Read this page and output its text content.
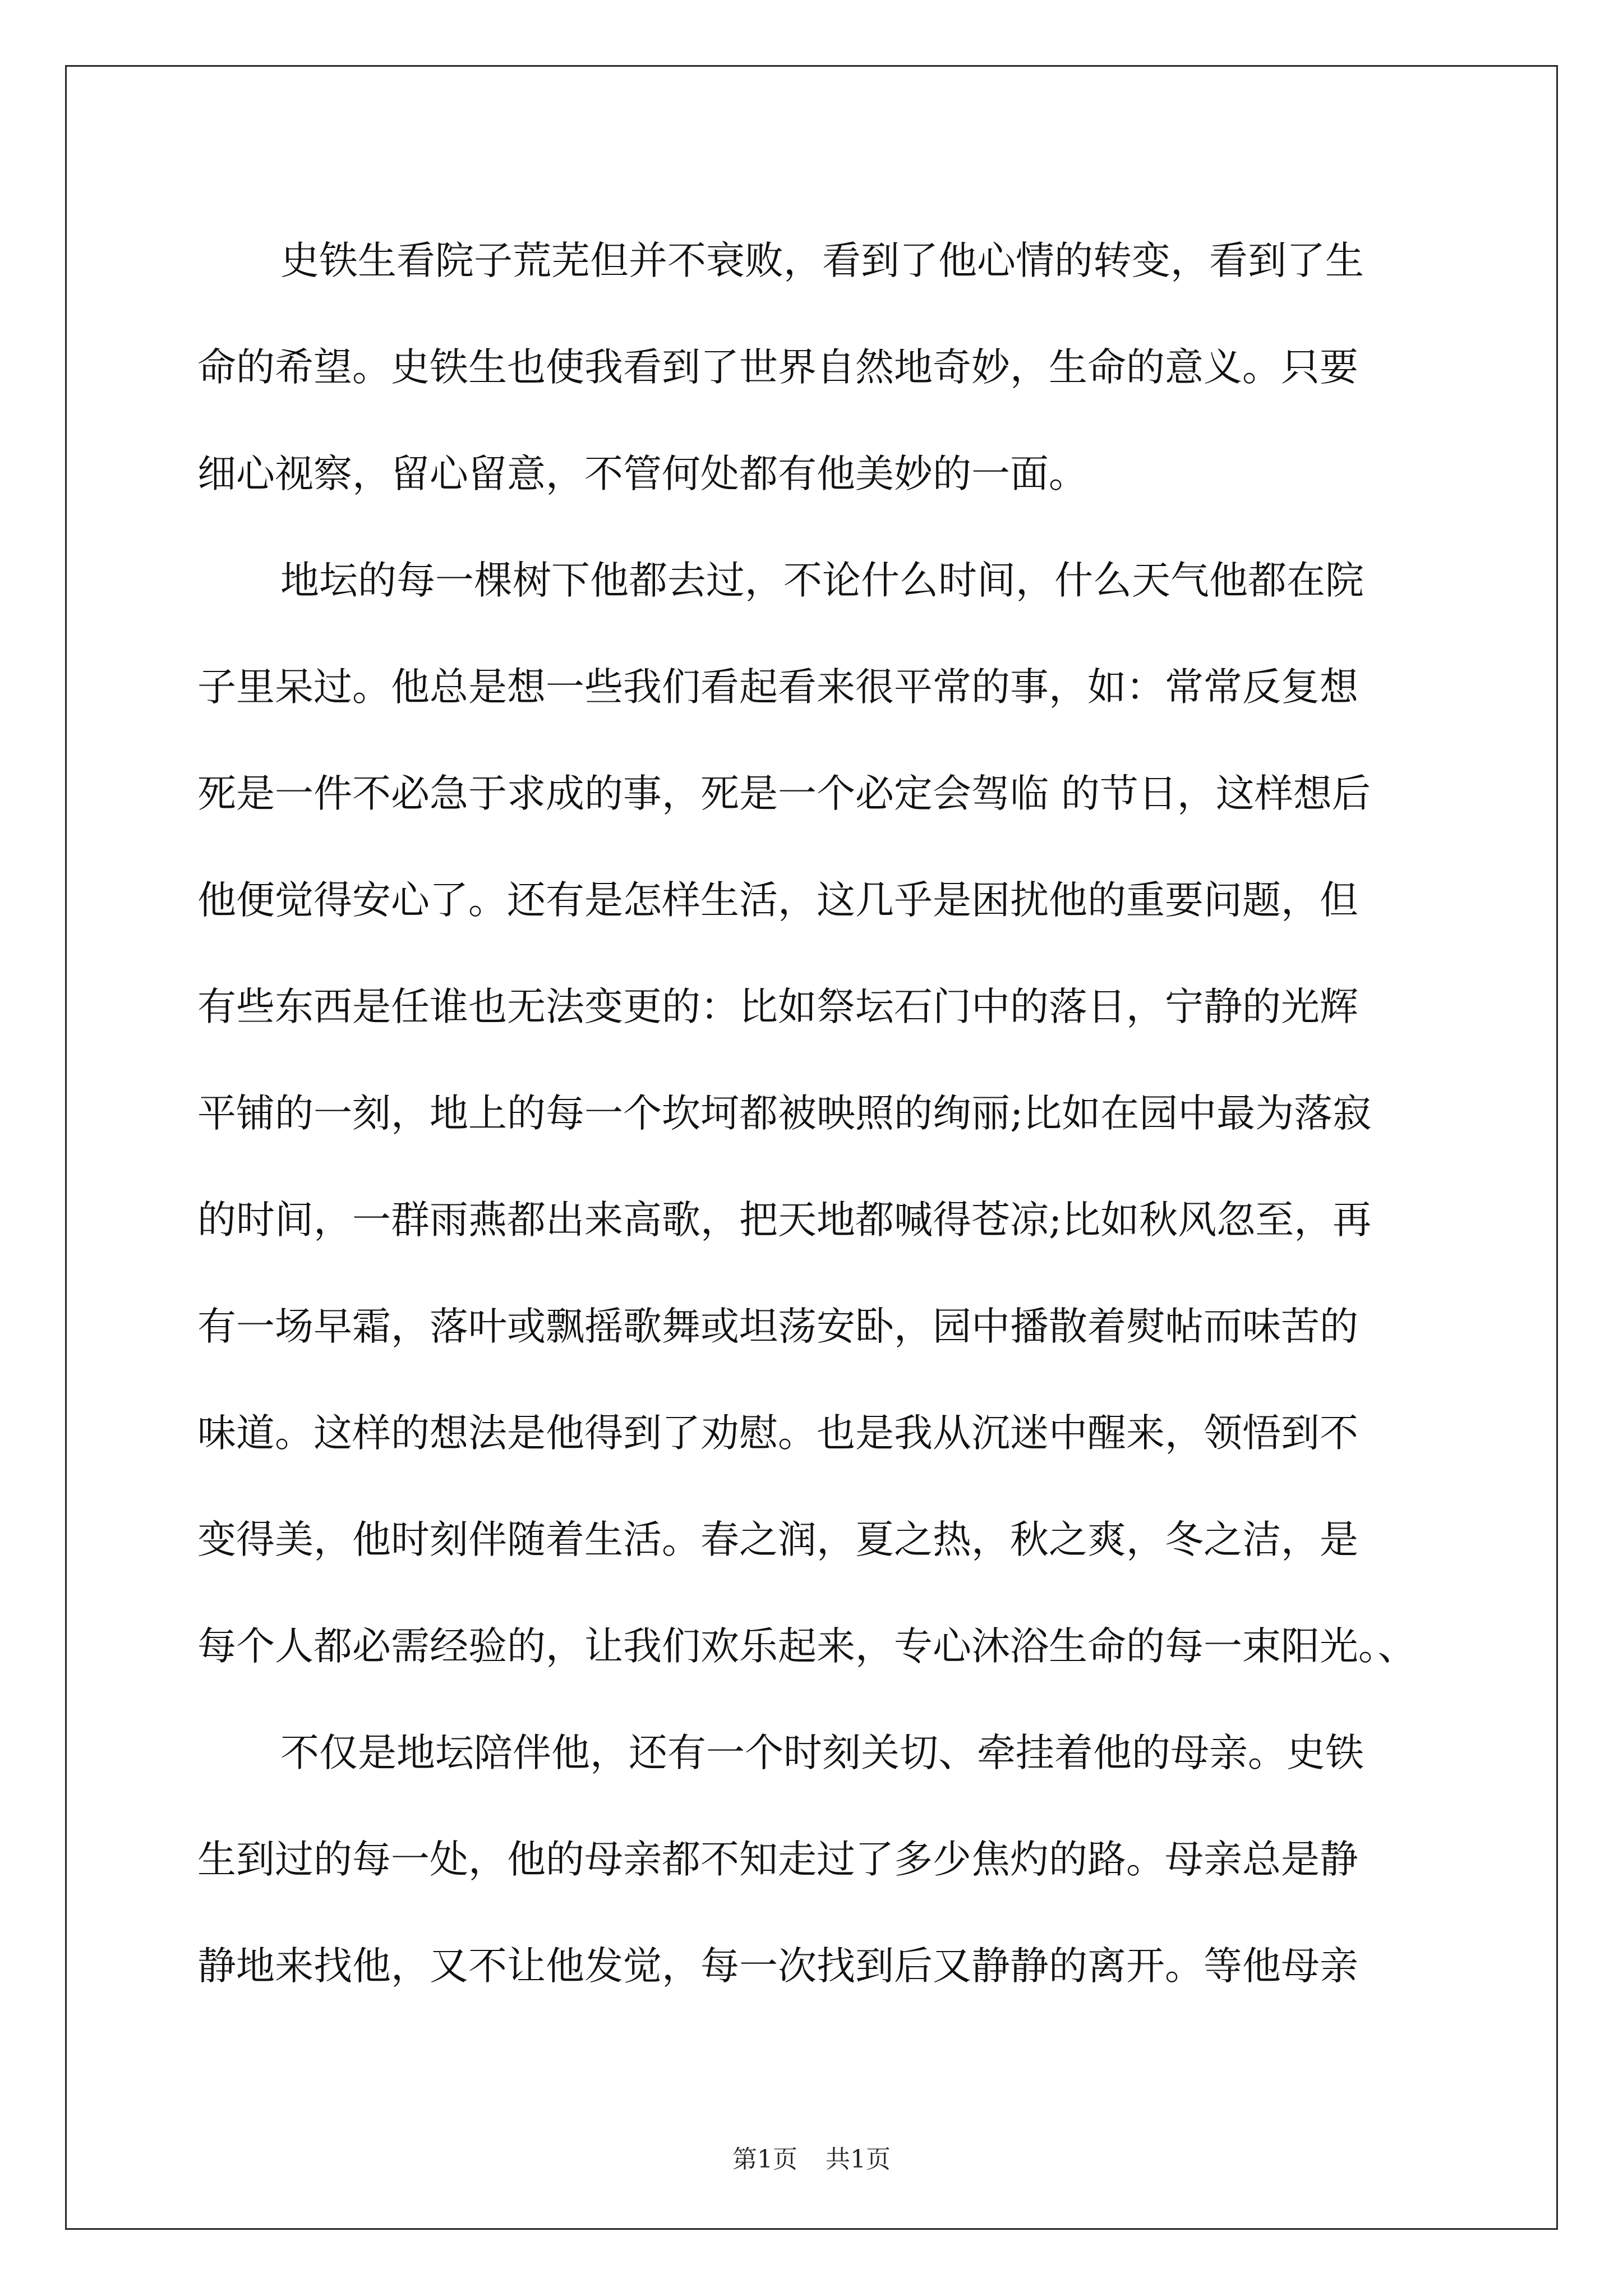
史铁生看院子荒芜但并不衰败，看到了他心情的转变，看到了生
命的希望。史铁生也使我看到了世界自然地奇妙，生命的意义。只要
细心视察，留心留意，不管何处都有他美妙的一面。
地坛的每一棵树下他都去过，不论什么时间，什么天气他都在院
子里呆过。他总是想一些我们看起看来很平常的事，如：常常反复想
死是一件不必急于求成的事，死是一个必定会驾临 的节日，这样想后
他便觉得安心了。还有是怎样生活，这几乎是困扰他的重要问题，但
有些东西是任谁也无法变更的：比如祭坛石门中的落日，宁静的光辉
平铺的一刻，地上的每一个坎坷都被映照的绚丽;比如在园中最为落寂
的时间，一群雨燕都出来高歌，把天地都喊得苍凉;比如秋风忽至，再
有一场早霜，落叶或飘摇歌舞或坦荡安卧，园中播散着熨帖而味苦的
味道。这样的想法是他得到了劝慰。也是我从沉迷中醒来，领悟到不
变得美，他时刻伴随着生活。春之润，夏之热，秋之爽，冬之洁，是
每个人都必需经验的，让我们欢乐起来，专心沐浴生命的每一束阳光。、
不仅是地坛陪伴他，还有一个时刻关切、牵挂着他的母亲。史铁
生到过的每一处，他的母亲都不知走过了多少焦灼的路。母亲总是静
静地来找他，又不让他发觉，每一次找到后又静静的离开。等他母亲
第1页 共1页
